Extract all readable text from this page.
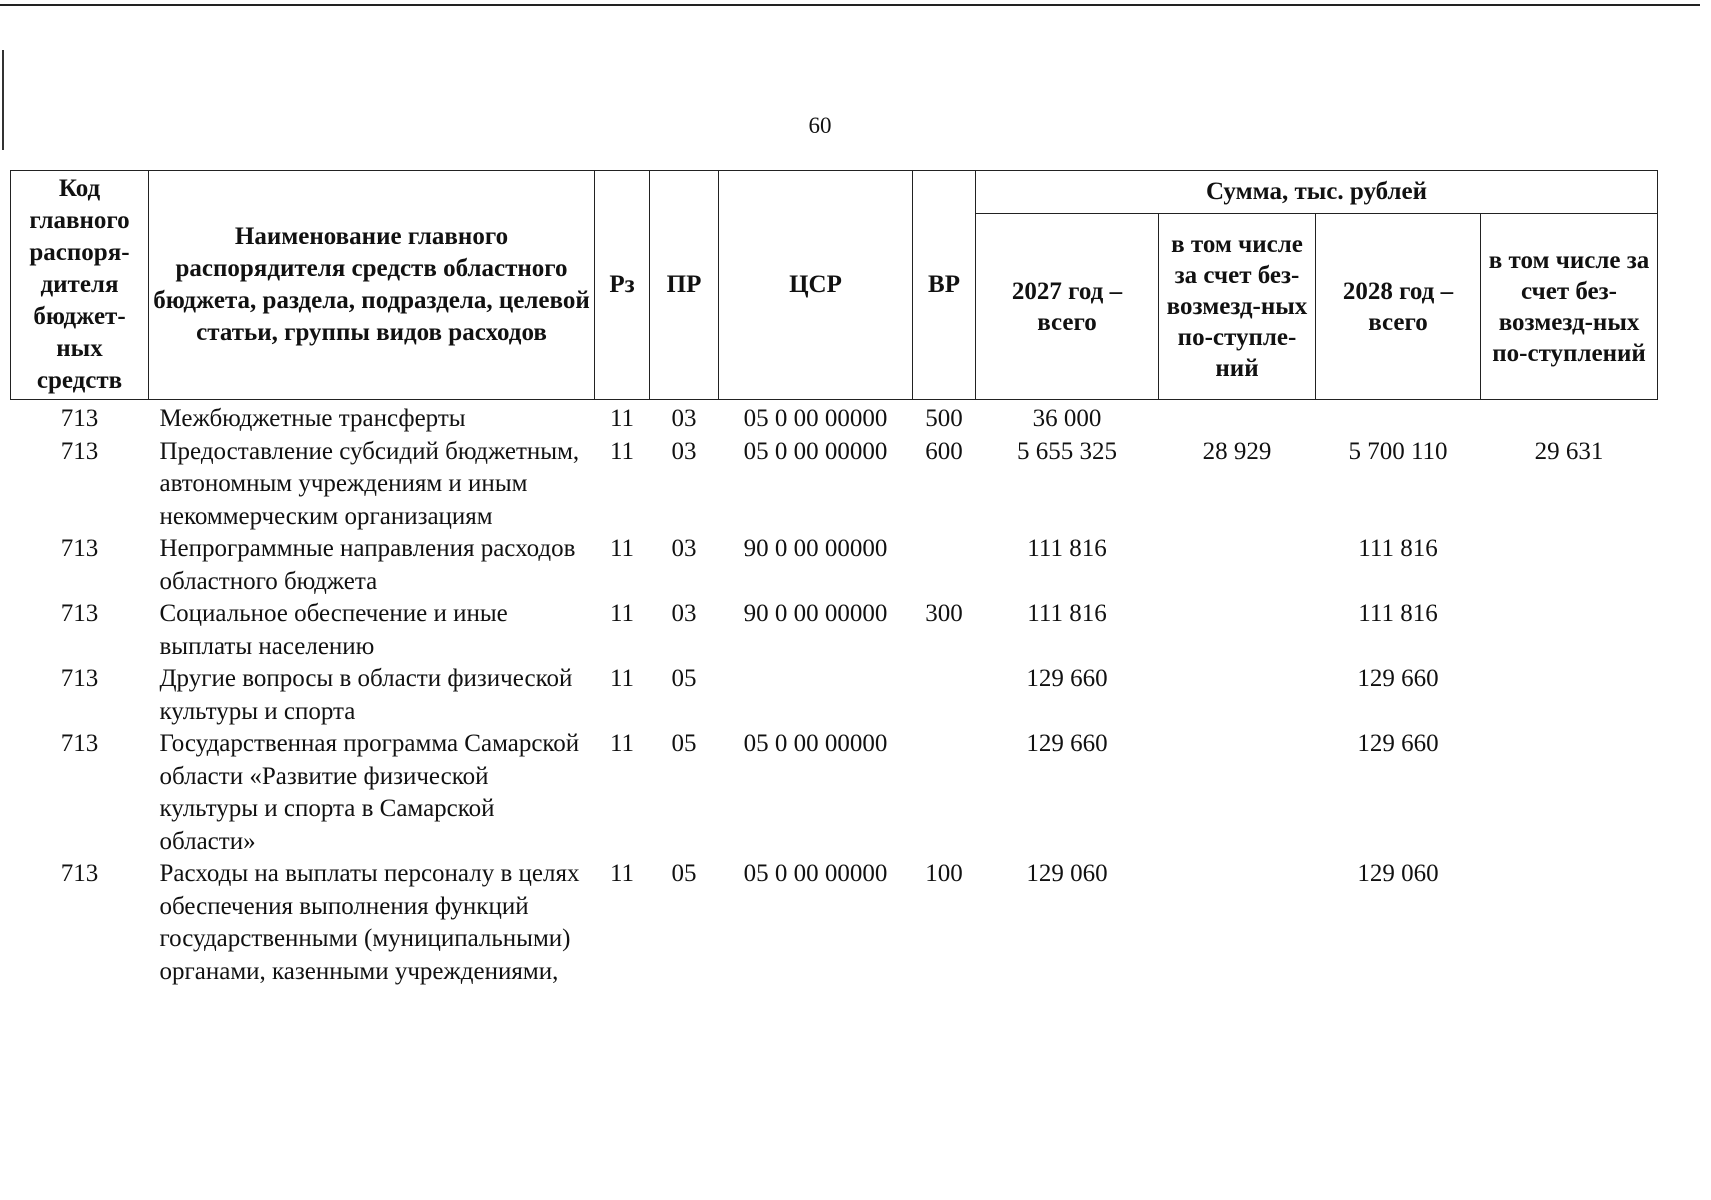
60
Код главного распоря-дителя бюджет-ных средств	Наименование главного распорядителя средств областного бюджета, раздела, подраздела, целевой статьи, группы видов расходов	Рз	ПР	ЦСР	ВР	Сумма, тыс. рублей			
						2027 год – всего	в том числе за счет без-возмезд-ных по-ступле-ний	2028 год – всего	в том числе за счет без-возмезд-ных по-ступлений
713	Межбюджетные трансферты	11	03	05 0 00 00000	500	36 000			
713	Предоставление субсидий бюджетным, автономным учреждениям и иным некоммерческим организациям	11	03	05 0 00 00000	600	5 655 325	28 929	5 700 110	29 631
713	Непрограммные направления расходов областного бюджета	11	03	90 0 00 00000		111 816		111 816	
713	Социальное обеспечение и иные выплаты населению	11	03	90 0 00 00000	300	111 816		111 816	
713	Другие вопросы в области физической культуры и спорта	11	05			129 660		129 660	
713	Государственная программа Самарской области «Развитие физической культуры и спорта в Самарской области»	11	05	05 0 00 00000		129 660		129 660	
713	Расходы на выплаты персоналу в целях обеспечения выполнения функций государственными (муниципальными) органами, казенными учреждениями,	11	05	05 0 00 00000	100	129 060		129 060	
